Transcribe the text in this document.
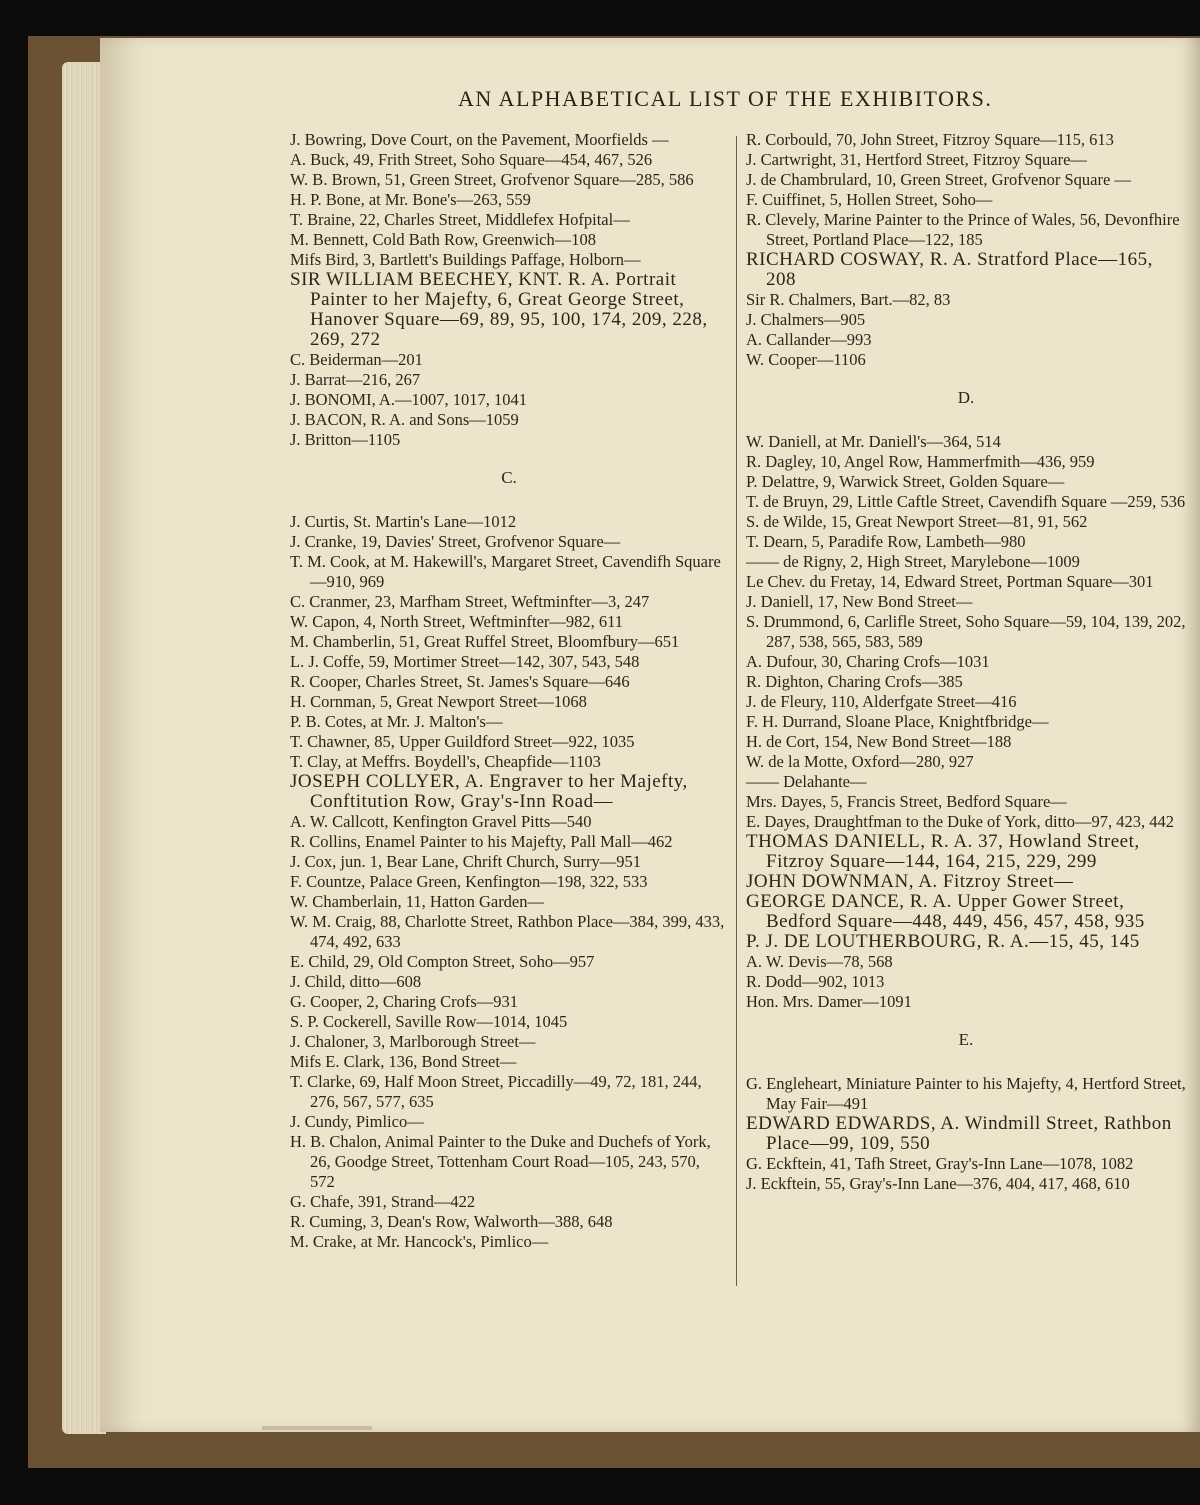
AN ALPHABETICAL LIST OF THE EXHIBITORS.

J. Bowring, Dove Court, on the Pavement, Moorfields —

A. Buck, 49, Frith Street, Soho Square—454, 467, 526

W. B. Brown, 51, Green Street, Grofvenor Square—285, 586

H. P. Bone, at Mr. Bone's—263, 559

T. Braine, 22, Charles Street, Middlefex Hofpital—

M. Bennett, Cold Bath Row, Greenwich—108

Mifs Bird, 3, Bartlett's Buildings Paffage, Holborn—

SIR WILLIAM BEECHEY, KNT. R. A. Portrait Painter to her Majefty, 6, Great George Street, Hanover Square—69, 89, 95, 100, 174, 209, 228, 269, 272

C. Beiderman—201

J. Barrat—216, 267

J. BONOMI, A.—1007, 1017, 1041

J. BACON, R. A. and Sons—1059

J. Britton—1105

C.

J. Curtis, St. Martin's Lane—1012

J. Cranke, 19, Davies' Street, Grofvenor Square—

T. M. Cook, at M. Hakewill's, Margaret Street, Cavendifh Square—910, 969

C. Cranmer, 23, Marfham Street, Weftminfter—3, 247

W. Capon, 4, North Street, Weftminfter—982, 611

M. Chamberlin, 51, Great Ruffel Street, Bloomfbury—651

L. J. Coffe, 59, Mortimer Street—142, 307, 543, 548

R. Cooper, Charles Street, St. James's Square—646

H. Cornman, 5, Great Newport Street—1068

P. B. Cotes, at Mr. J. Malton's—

T. Chawner, 85, Upper Guildford Street—922, 1035

T. Clay, at Meffrs. Boydell's, Cheapfide—1103

JOSEPH COLLYER, A. Engraver to her Majefty, Conftitution Row, Gray's-Inn Road—

A. W. Callcott, Kenfington Gravel Pitts—540

R. Collins, Enamel Painter to his Majefty, Pall Mall—462

J. Cox, jun. 1, Bear Lane, Chrift Church, Surry—951

F. Countze, Palace Green, Kenfington—198, 322, 533

W. Chamberlain, 11, Hatton Garden—

W. M. Craig, 88, Charlotte Street, Rathbon Place—384, 399, 433, 474, 492, 633

E. Child, 29, Old Compton Street, Soho—957

J. Child, ditto—608

G. Cooper, 2, Charing Crofs—931

S. P. Cockerell, Saville Row—1014, 1045

J. Chaloner, 3, Marlborough Street—

Mifs E. Clark, 136, Bond Street—

T. Clarke, 69, Half Moon Street, Piccadilly—49, 72, 181, 244, 276, 567, 577, 635

J. Cundy, Pimlico—

H. B. Chalon, Animal Painter to the Duke and Duchefs of York, 26, Goodge Street, Tottenham Court Road—105, 243, 570, 572

G. Chafe, 391, Strand—422

R. Cuming, 3, Dean's Row, Walworth—388, 648

M. Crake, at Mr. Hancock's, Pimlico—

R. Corbould, 70, John Street, Fitzroy Square—115, 613

J. Cartwright, 31, Hertford Street, Fitzroy Square—

J. de Chambrulard, 10, Green Street, Grofvenor Square —

F. Cuiffinet, 5, Hollen Street, Soho—

R. Clevely, Marine Painter to the Prince of Wales, 56, Devonfhire Street, Portland Place—122, 185

RICHARD COSWAY, R. A. Stratford Place—165, 208

Sir R. Chalmers, Bart.—82, 83

J. Chalmers—905

A. Callander—993

W. Cooper—1106

D.

W. Daniell, at Mr. Daniell's—364, 514

R. Dagley, 10, Angel Row, Hammerfmith—436, 959

P. Delattre, 9, Warwick Street, Golden Square—

T. de Bruyn, 29, Little Caftle Street, Cavendifh Square —259, 536

S. de Wilde, 15, Great Newport Street—81, 91, 562

T. Dearn, 5, Paradife Row, Lambeth—980

—— de Rigny, 2, High Street, Marylebone—1009

Le Chev. du Fretay, 14, Edward Street, Portman Square—301

J. Daniell, 17, New Bond Street—

S. Drummond, 6, Carlifle Street, Soho Square—59, 104, 139, 202, 287, 538, 565, 583, 589

A. Dufour, 30, Charing Crofs—1031

R. Dighton, Charing Crofs—385

J. de Fleury, 110, Alderfgate Street—416

F. H. Durrand, Sloane Place, Knightfbridge—

H. de Cort, 154, New Bond Street—188

W. de la Motte, Oxford—280, 927

—— Delahante—

Mrs. Dayes, 5, Francis Street, Bedford Square—

E. Dayes, Draughtfman to the Duke of York, ditto—97, 423, 442

THOMAS DANIELL, R. A. 37, Howland Street, Fitzroy Square—144, 164, 215, 229, 299

JOHN DOWNMAN, A. Fitzroy Street—

GEORGE DANCE, R. A. Upper Gower Street, Bedford Square—448, 449, 456, 457, 458, 935

P. J. DE LOUTHERBOURG, R. A.—15, 45, 145

A. W. Devis—78, 568

R. Dodd—902, 1013

Hon. Mrs. Damer—1091

E.

G. Engleheart, Miniature Painter to his Majefty, 4, Hertford Street, May Fair—491

EDWARD EDWARDS, A. Windmill Street, Rathbon Place—99, 109, 550

G. Eckftein, 41, Tafh Street, Gray's-Inn Lane—1078, 1082

J. Eckftein, 55, Gray's-Inn Lane—376, 404, 417, 468, 610
